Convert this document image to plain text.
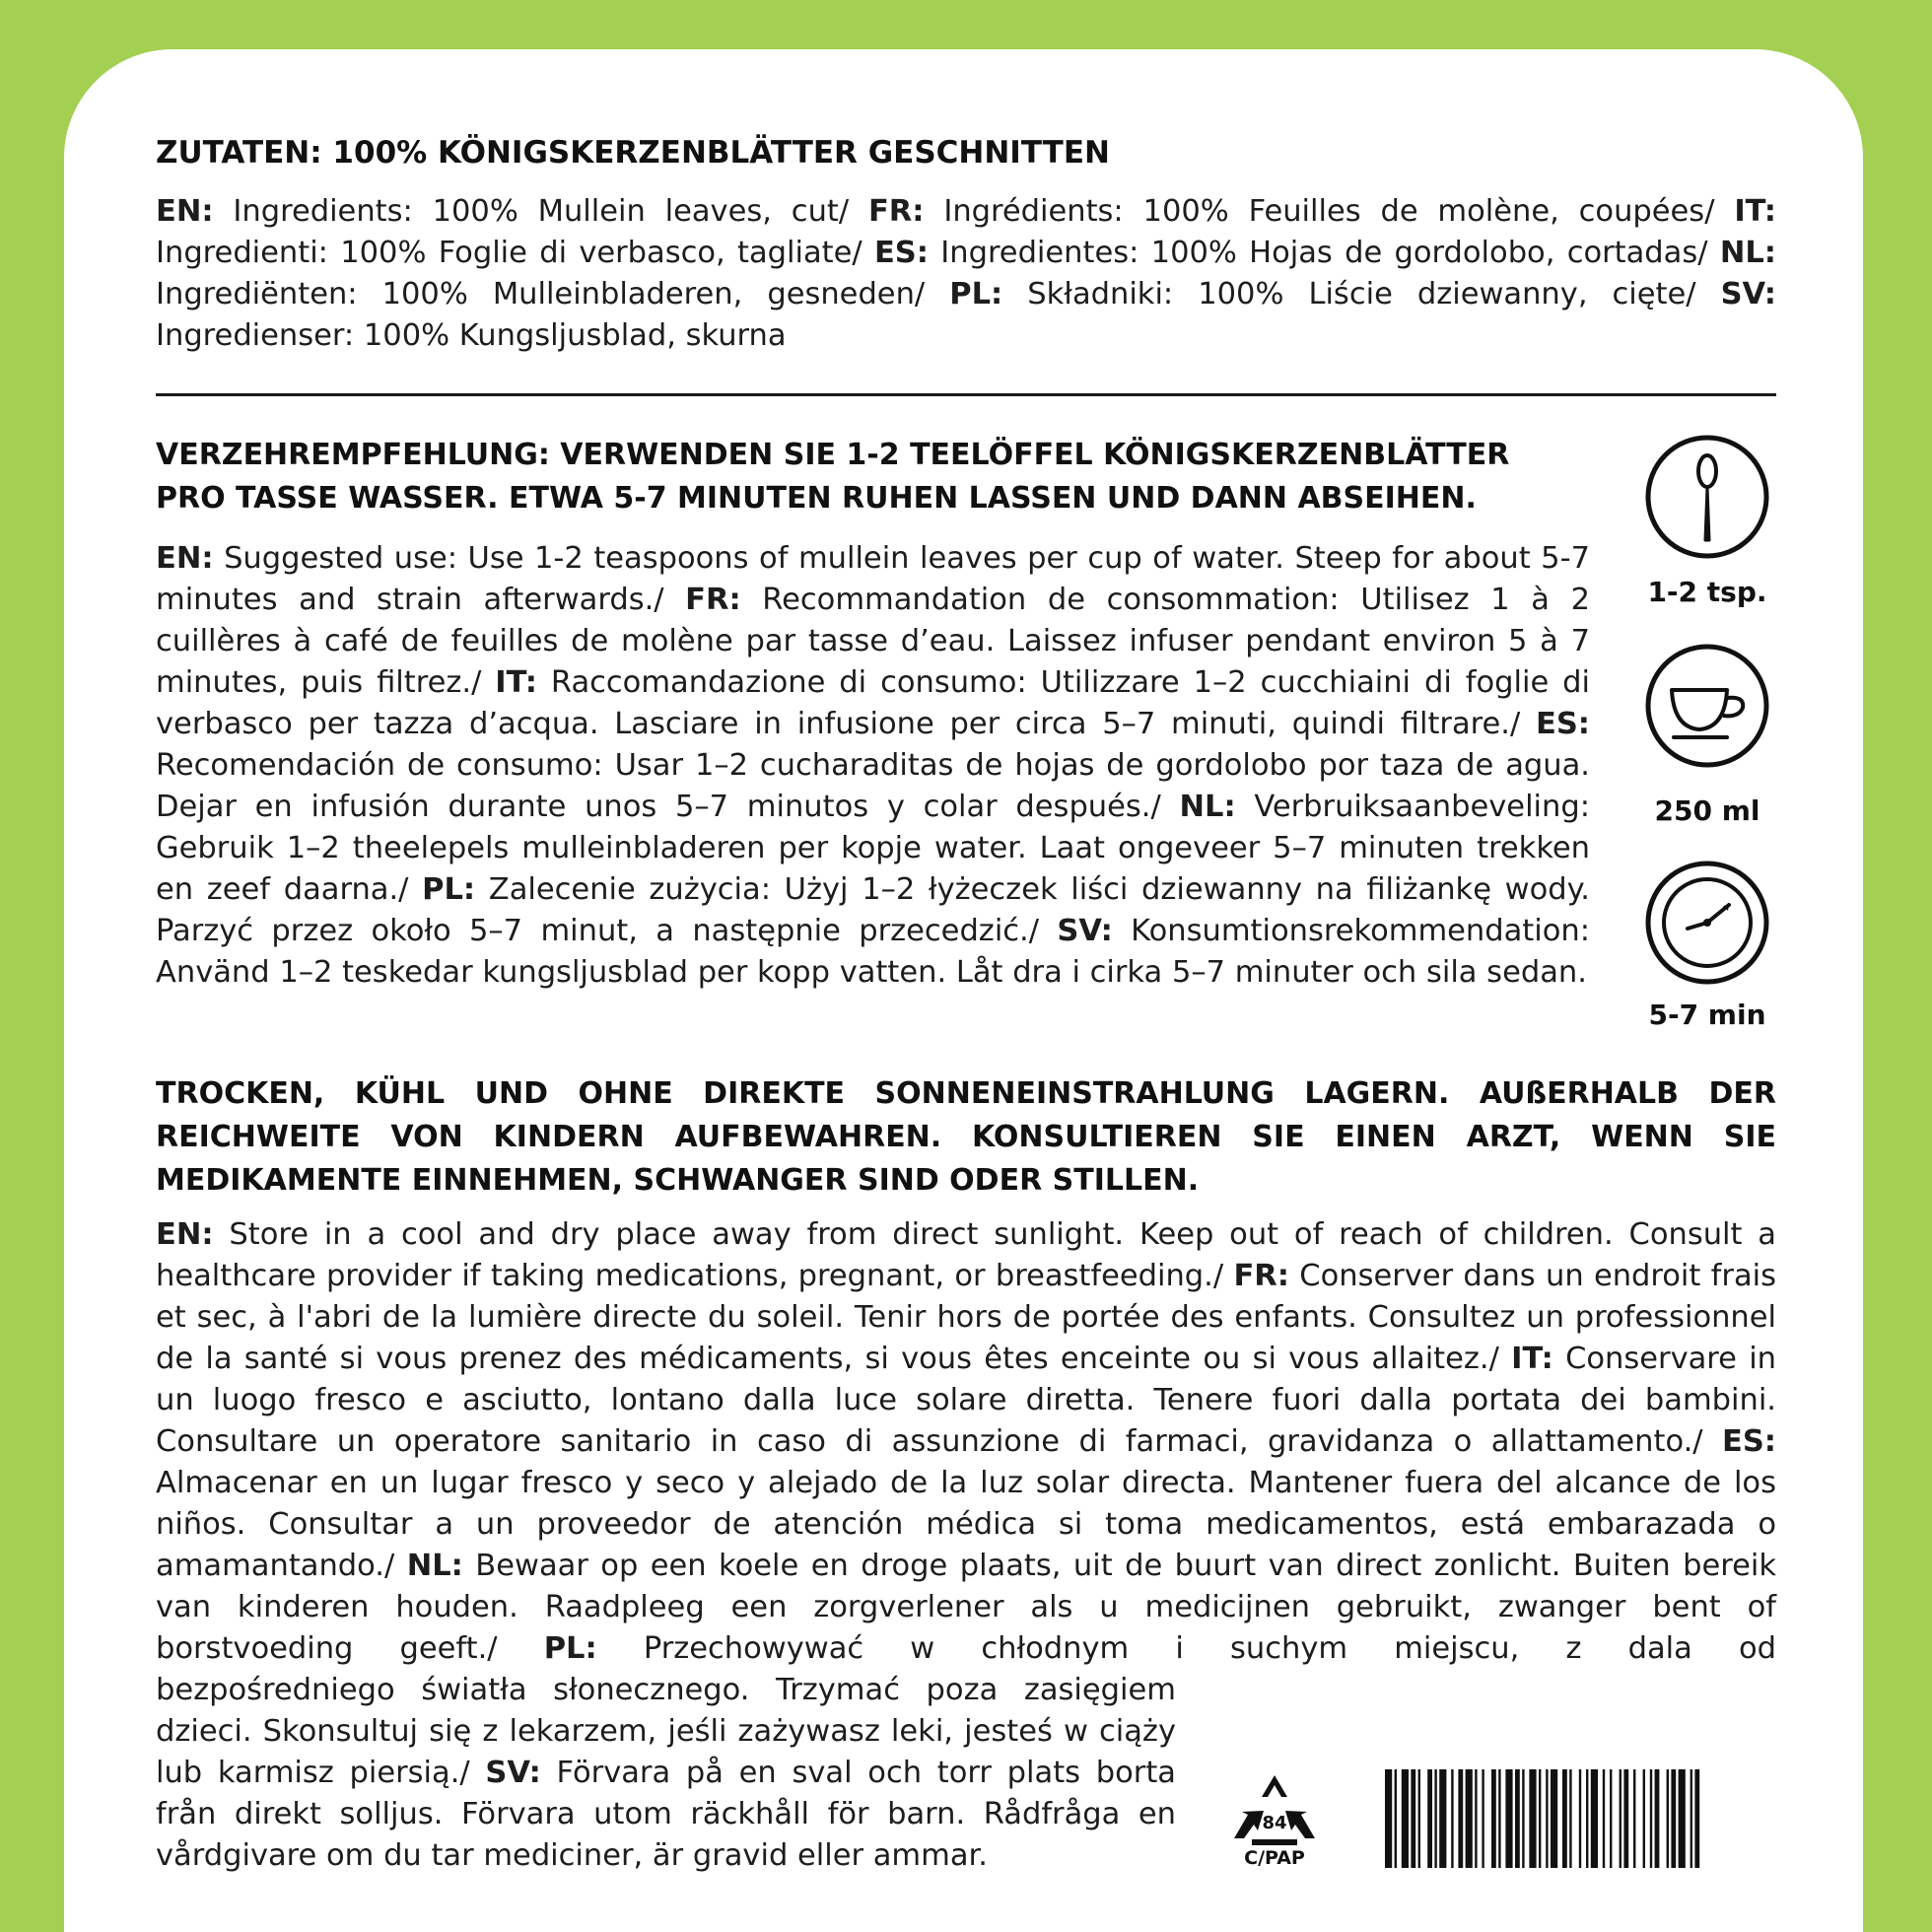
ZUTATEN: 100% KÖNIGSKERZENBLÄTTER GESCHNITTEN

EN: Ingredients: 100% Mullein leaves, cut/ FR: Ingrédients: 100% Feuilles de molène, coupées/ IT: Ingredienti: 100% Foglie di verbasco, tagliate/ ES: Ingredientes: 100% Hojas de gordolobo, cortadas/ NL: Ingrediënten: 100% Mulleinbladeren, gesneden/ PL: Składniki: 100% Liście dziewanny, cięte/ SV: Ingredienser: 100% Kungsljusblad, skurna

VERZEHREMPFEHLUNG: VERWENDEN SIE 1-2 TEELÖFFEL KÖNIGSKERZENBLÄTTER
PRO TASSE WASSER. ETWA 5-7 MINUTEN RUHEN LASSEN UND DANN ABSEIHEN.

EN: Suggested use: Use 1-2 teaspoons of mullein leaves per cup of water. Steep for about 5-7 minutes and strain afterwards./ FR: Recommandation de consommation: Utilisez 1 à 2 cuillères à café de feuilles de molène par tasse d’eau. Laissez infuser pendant environ 5 à 7 minutes, puis filtrez./ IT: Raccomandazione di consumo: Utilizzare 1–2 cucchiaini di foglie di verbasco per tazza d’acqua. Lasciare in infusione per circa 5–7 minuti, quindi filtrare./ ES: Recomendación de consumo: Usar 1–2 cucharaditas de hojas de gordolobo por taza de agua. Dejar en infusión durante unos 5–7 minutos y colar después./ NL: Verbruiksaanbeveling: Gebruik 1–2 theelepels mulleinbladeren per kopje water. Laat ongeveer 5–7 minuten trekken en zeef daarna./ PL: Zalecenie zużycia: Użyj 1–2 łyżeczek liści dziewanny na filiżankę wody. Parzyć przez około 5–7 minut, a następnie przecedzić./ SV: Konsumtionsrekommendation: Använd 1–2 teskedar kungsljusblad per kopp vatten. Låt dra i cirka 5–7 minuter och sila sedan.

1-2 tsp.
250 ml
5-7 min
TROCKEN, KÜHL UND OHNE DIREKTE SONNENEINSTRAHLUNG LAGERN. AUßERHALB DER
REICHWEITE VON KINDERN AUFBEWAHREN. KONSULTIEREN SIE EINEN ARZT, WENN SIE
MEDIKAMENTE EINNEHMEN, SCHWANGER SIND ODER STILLEN.

EN: Store in a cool and dry place away from direct sunlight. Keep out of reach of children. Consult a healthcare provider if taking medications, pregnant, or breastfeeding./ FR: Conserver dans un endroit frais et sec, à l'abri de la lumière directe du soleil. Tenir hors de portée des enfants. Consultez un professionnel de la santé si vous prenez des médicaments, si vous êtes enceinte ou si vous allaitez./ IT: Conservare in un luogo fresco e asciutto, lontano dalla luce solare diretta. Tenere fuori dalla portata dei bambini. Consultare un operatore sanitario in caso di assunzione di farmaci, gravidanza o allattamento./ ES: Almacenar en un lugar fresco y seco y alejado de la luz solar directa. Mantener fuera del alcance de los niños. Consultar a un proveedor de atención médica si toma medicamentos, está embarazada o amamantando./ NL: Bewaar op een koele en droge plaats, uit de buurt van direct zonlicht. Buiten bereik van kinderen houden. Raadpleeg een zorgverlener als u medicijnen gebruikt, zwanger bent of borstvoeding geeft./ PL: Przechowywać w chłodnym i suchym miejscu, z dala od

bezpośredniego światła słonecznego. Trzymać poza zasięgiem dzieci. Skonsultuj się z lekarzem, jeśli zażywasz leki, jesteś w ciąży lub karmisz piersią./ SV: Förvara på en sval och torr plats borta från direkt solljus. Förvara utom räckhåll för barn. Rådfråga en vårdgivare om du tar mediciner, är gravid eller ammar.

84
C/PAP
